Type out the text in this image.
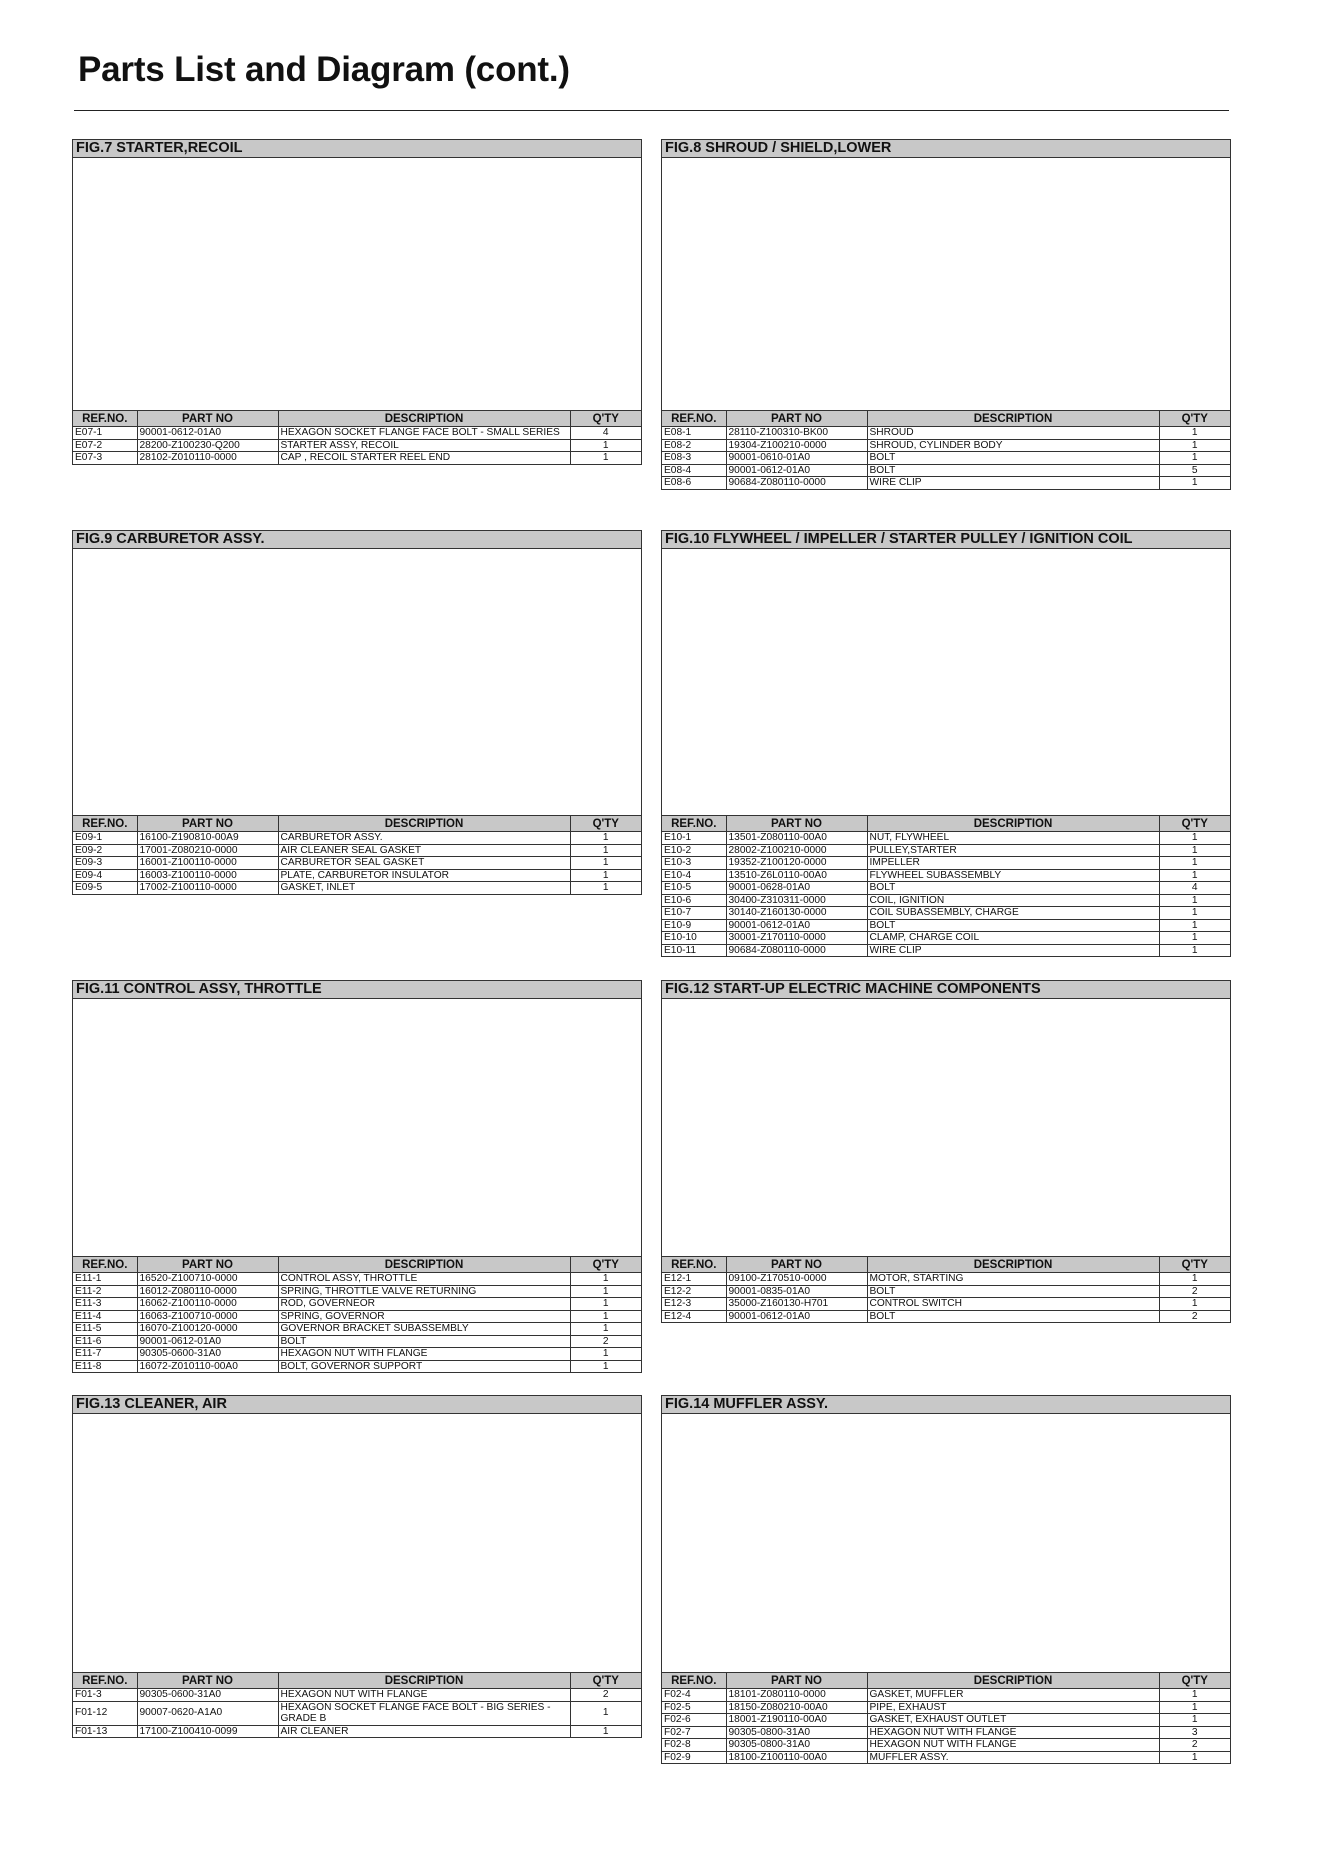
Parts List and Diagram (cont.)
FIG.7 STARTER,RECOIL
REF.NO.	PART NO	DESCRIPTION	Q'TY
E07-1	90001-0612-01A0	HEXAGON SOCKET FLANGE FACE BOLT - SMALL SERIES	4
E07-2	28200-Z100230-Q200	STARTER ASSY, RECOIL	1
E07-3	28102-Z010110-0000	CAP , RECOIL STARTER REEL END	1
FIG.8 SHROUD / SHIELD,LOWER
REF.NO.	PART NO	DESCRIPTION	Q'TY
E08-1	28110-Z100310-BK00	SHROUD	1
E08-2	19304-Z100210-0000	SHROUD, CYLINDER BODY	1
E08-3	90001-0610-01A0	BOLT	1
E08-4	90001-0612-01A0	BOLT	5
E08-6	90684-Z080110-0000	WIRE CLIP	1
FIG.9 CARBURETOR ASSY.
REF.NO.	PART NO	DESCRIPTION	Q'TY
E09-1	16100-Z190810-00A9	CARBURETOR ASSY.	1
E09-2	17001-Z080210-0000	AIR CLEANER SEAL GASKET	1
E09-3	16001-Z100110-0000	CARBURETOR SEAL GASKET	1
E09-4	16003-Z100110-0000	PLATE, CARBURETOR INSULATOR	1
E09-5	17002-Z100110-0000	GASKET, INLET	1
FIG.10 FLYWHEEL / IMPELLER / STARTER PULLEY / IGNITION COIL
REF.NO.	PART NO	DESCRIPTION	Q'TY
E10-1	13501-Z080110-00A0	NUT, FLYWHEEL	1
E10-2	28002-Z100210-0000	PULLEY,STARTER	1
E10-3	19352-Z100120-0000	IMPELLER	1
E10-4	13510-Z6L0110-00A0	FLYWHEEL SUBASSEMBLY	1
E10-5	90001-0628-01A0	BOLT	4
E10-6	30400-Z310311-0000	COIL, IGNITION	1
E10-7	30140-Z160130-0000	COIL SUBASSEMBLY, CHARGE	1
E10-9	90001-0612-01A0	BOLT	1
E10-10	30001-Z170110-0000	CLAMP, CHARGE COIL	1
E10-11	90684-Z080110-0000	WIRE CLIP	1
FIG.11 CONTROL ASSY, THROTTLE
REF.NO.	PART NO	DESCRIPTION	Q'TY
E11-1	16520-Z100710-0000	CONTROL ASSY, THROTTLE	1
E11-2	16012-Z080110-0000	SPRING, THROTTLE VALVE RETURNING	1
E11-3	16062-Z100110-0000	ROD, GOVERNEOR	1
E11-4	16063-Z100710-0000	SPRING, GOVERNOR	1
E11-5	16070-Z100120-0000	GOVERNOR BRACKET SUBASSEMBLY	1
E11-6	90001-0612-01A0	BOLT	2
E11-7	90305-0600-31A0	HEXAGON NUT WITH FLANGE	1
E11-8	16072-Z010110-00A0	BOLT, GOVERNOR SUPPORT	1
FIG.12 START-UP ELECTRIC MACHINE COMPONENTS
REF.NO.	PART NO	DESCRIPTION	Q'TY
E12-1	09100-Z170510-0000	MOTOR, STARTING	1
E12-2	90001-0835-01A0	BOLT	2
E12-3	35000-Z160130-H701	CONTROL SWITCH	1
E12-4	90001-0612-01A0	BOLT	2
FIG.13 CLEANER, AIR
REF.NO.	PART NO	DESCRIPTION	Q'TY
F01-3	90305-0600-31A0	HEXAGON NUT WITH FLANGE	2
F01-12	90007-0620-A1A0	HEXAGON SOCKET FLANGE FACE BOLT - BIG SERIES - GRADE B	1
F01-13	17100-Z100410-0099	AIR CLEANER	1
FIG.14 MUFFLER ASSY.
REF.NO.	PART NO	DESCRIPTION	Q'TY
F02-4	18101-Z080110-0000	GASKET, MUFFLER	1
F02-5	18150-Z080210-00A0	PIPE, EXHAUST	1
F02-6	18001-Z190110-00A0	GASKET, EXHAUST OUTLET	1
F02-7	90305-0800-31A0	HEXAGON NUT WITH FLANGE	3
F02-8	90305-0800-31A0	HEXAGON NUT WITH FLANGE	2
F02-9	18100-Z100110-00A0	MUFFLER ASSY.	1
